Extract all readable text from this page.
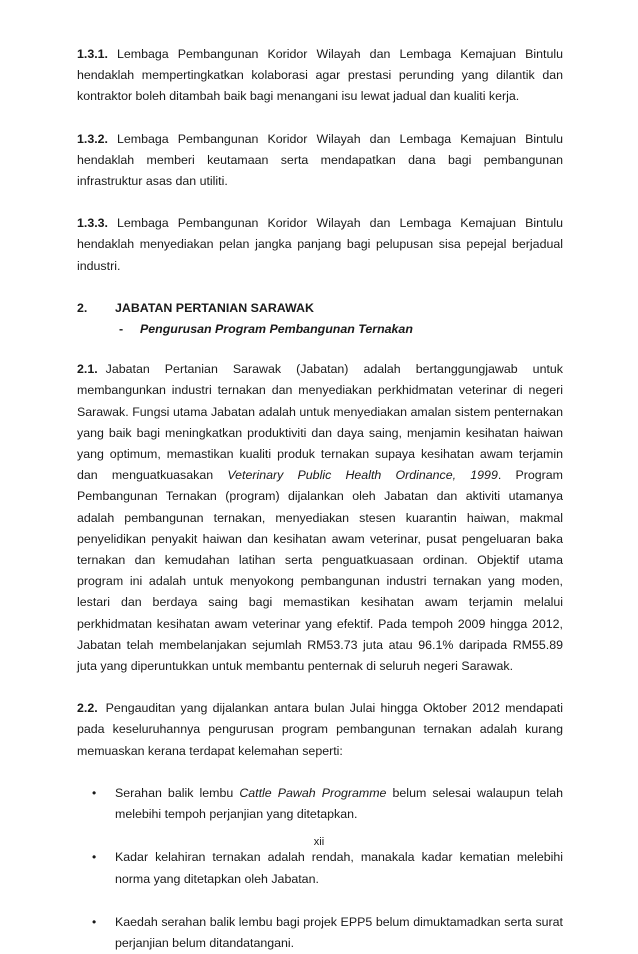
1.3.1. Lembaga Pembangunan Koridor Wilayah dan Lembaga Kemajuan Bintulu hendaklah mempertingkatkan kolaborasi agar prestasi perunding yang dilantik dan kontraktor boleh ditambah baik bagi menangani isu lewat jadual dan kualiti kerja.

1.3.2. Lembaga Pembangunan Koridor Wilayah dan Lembaga Kemajuan Bintulu hendaklah memberi keutamaan serta mendapatkan dana bagi pembangunan infrastruktur asas dan utiliti.

1.3.3. Lembaga Pembangunan Koridor Wilayah dan Lembaga Kemajuan Bintulu hendaklah menyediakan pelan jangka panjang bagi pelupusan sisa pepejal berjadual industri.

2.	JABATAN PERTANIAN SARAWAK
-	Pengurusan Program Pembangunan Ternakan

2.1. Jabatan Pertanian Sarawak (Jabatan) adalah bertanggungjawab untuk membangunkan industri ternakan dan menyediakan perkhidmatan veterinar di negeri Sarawak. Fungsi utama Jabatan adalah untuk menyediakan amalan sistem penternakan yang baik bagi meningkatkan produktiviti dan daya saing, menjamin kesihatan haiwan yang optimum, memastikan kualiti produk ternakan supaya kesihatan awam terjamin dan menguatkuasakan Veterinary Public Health Ordinance, 1999. Program Pembangunan Ternakan (program) dijalankan oleh Jabatan dan aktiviti utamanya adalah pembangunan ternakan, menyediakan stesen kuarantin haiwan, makmal penyelidikan penyakit haiwan dan kesihatan awam veterinar, pusat pengeluaran baka ternakan dan kemudahan latihan serta penguatkuasaan ordinan. Objektif utama program ini adalah untuk menyokong pembangunan industri ternakan yang moden, lestari dan berdaya saing bagi memastikan kesihatan awam terjamin melalui perkhidmatan kesihatan awam veterinar yang efektif. Pada tempoh 2009 hingga 2012, Jabatan telah membelanjakan sejumlah RM53.73 juta atau 96.1% daripada RM55.89 juta yang diperuntukkan untuk membantu penternak di seluruh negeri Sarawak.

2.2. Pengauditan yang dijalankan antara bulan Julai hingga Oktober 2012 mendapati pada keseluruhannya pengurusan program pembangunan ternakan adalah kurang memuaskan kerana terdapat kelemahan seperti:

•	Serahan balik lembu Cattle Pawah Programme belum selesai walaupun telah melebihi tempoh perjanjian yang ditetapkan.
•	Kadar kelahiran ternakan adalah rendah, manakala kadar kematian melebihi norma yang ditetapkan oleh Jabatan.
•	Kaedah serahan balik lembu bagi projek EPP5 belum dimuktamadkan serta surat perjanjian belum ditandatangani.
xii
